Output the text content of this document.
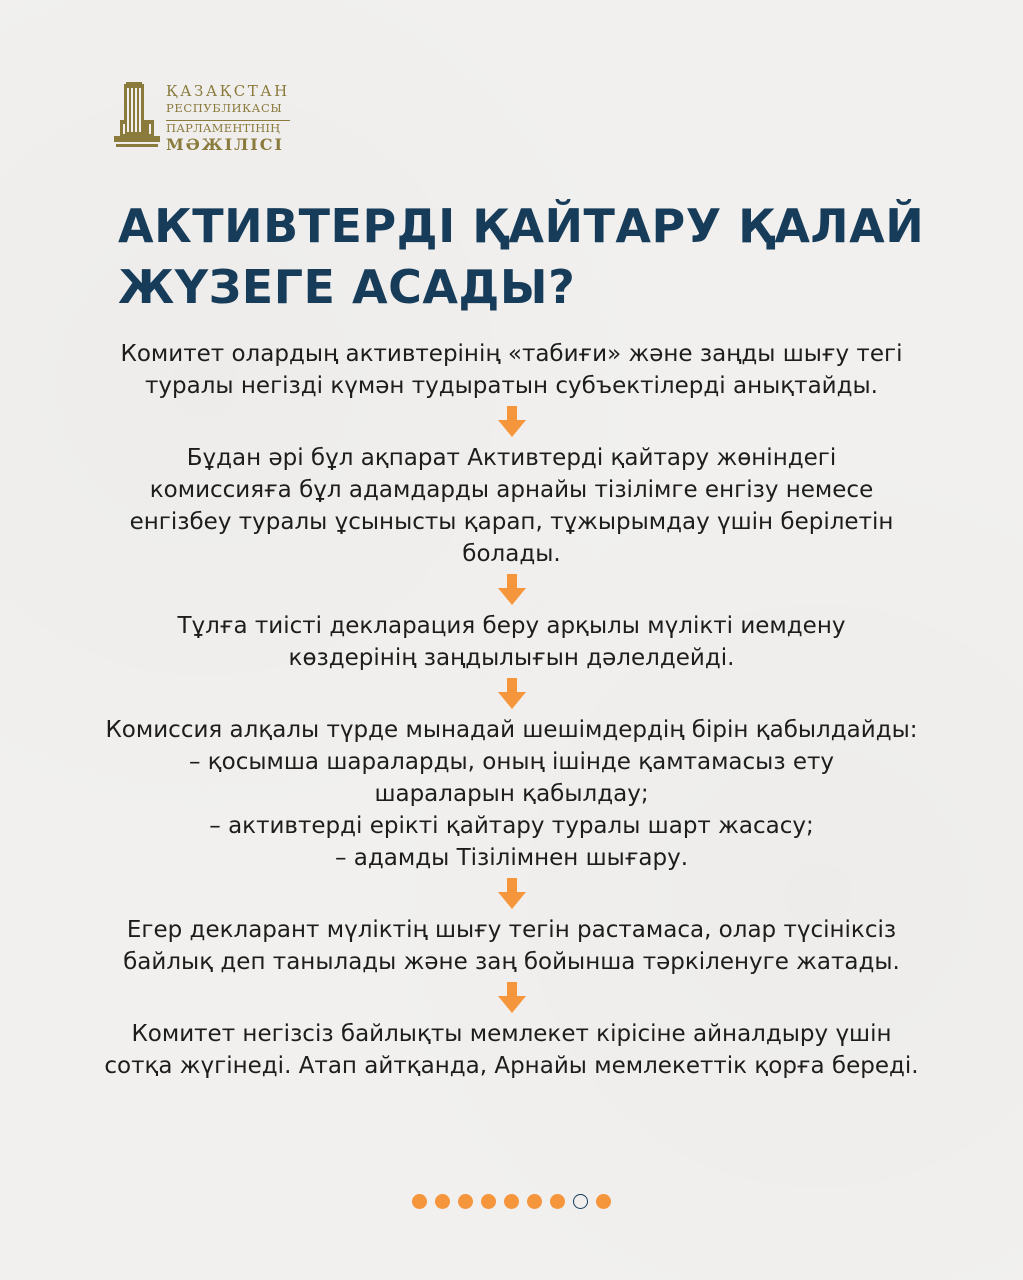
ҚАЗАҚСТАН
РЕСПУБЛИКАСЫ
ПАРЛАМЕНТІНІҢ
МӘЖІЛІСІ
АКТИВТЕРДІ ҚАЙТАРУ ҚАЛАЙ
ЖҮЗЕГЕ АСАДЫ?

Комитет олардың активтерінің «табиғи» және заңды шығу тегі
туралы негізді күмән тудыратын субъектілерді анықтайды.

Бұдан әрі бұл ақпарат Активтерді қайтару жөніндегі
комиссияға бұл адамдарды арнайы тізілімге енгізу немесе
енгізбеу туралы ұсынысты қарап, тұжырымдау үшін берілетін
болады.

Тұлға тиісті декларация беру арқылы мүлікті иемдену
көздерінің заңдылығын дәлелдейді.

Комиссия алқалы түрде мынадай шешімдердің бірін қабылдайды:
– қосымша шараларды, оның ішінде қамтамасыз ету
шараларын қабылдау;
– активтерді ерікті қайтару туралы шарт жасасу;
– адамды Тізілімнен шығару.

Егер декларант мүліктің шығу тегін растамаса, олар түсініксіз
байлық деп танылады және заң бойынша тәркіленуге жатады.

Комитет негізсіз байлықты мемлекет кірісіне айналдыру үшін
сотқа жүгінеді. Атап айтқанда, Арнайы мемлекеттік қорға береді.
